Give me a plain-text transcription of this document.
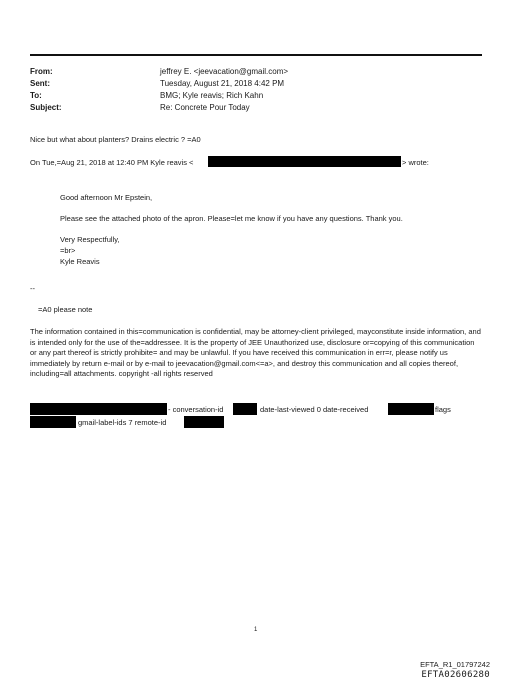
From:	jeffrey E. <jeevacation@gmail.com>
Sent:	Tuesday, August 21, 2018 4:42 PM
To:	BMG; Kyle reavis; Rich Kahn
Subject:	Re: Concrete Pour Today
Nice but what about planters? Drains electric ? =A0
On Tue,=Aug 21, 2018 at 12:40 PM Kyle reavis <	> wrote:
Good afternoon Mr Epstein,
Please see the attached photo of the apron. Please=let me know if you have any questions. Thank you.
Very Respectfully,
=br>
Kyle Reavis
--
=A0 please note
The information contained in this=communication is confidential, may be attorney-client privileged, mayconstitute inside information, and is intended only for the use of the=addressee. It is the property of JEE Unauthorized use, disclosure or=copying of this communication or any part thereof is strictly prohibite= and may be unlawful. If you have received this communication in err=r, please notify us immediately by return e-mail or by e-mail to jeevacation@gmail.com<=a>, and destroy this communication and all copies thereof, including=all attachments. copyright -all rights reserved
- conversation-id	date-last-viewed 0 date-received	flags
gmail-label-ids 7 remote-id
1
EFTA_R1_01797242
EFTA02606280
